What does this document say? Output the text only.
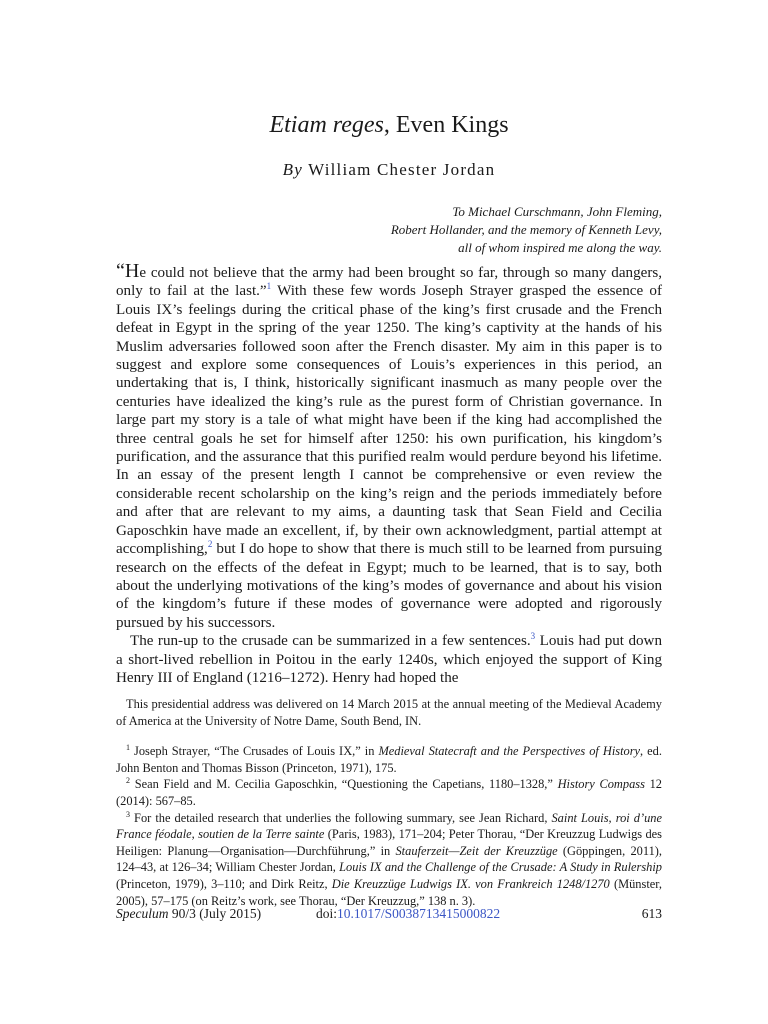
Etiam reges, Even Kings
By William Chester Jordan
To Michael Curschmann, John Fleming,
Robert Hollander, and the memory of Kenneth Levy,
all of whom inspired me along the way.

“He could not believe that the army had been brought so far, through so many dangers, only to fail at the last.”$^1$ With these few words Joseph Strayer grasped the essence of Louis IX’s feelings during the critical phase of the king’s first crusade and the French defeat in Egypt in the spring of the year 1250. The king’s captivity at the hands of his Muslim adversaries followed soon after the French disaster. My aim in this paper is to suggest and explore some consequences of Louis’s experiences in this period, an undertaking that is, I think, historically significant inasmuch as many people over the centuries have idealized the king’s rule as the purest form of Christian governance. In large part my story is a tale of what might have been if the king had accomplished the three central goals he set for himself after 1250: his own purification, his kingdom’s purification, and the assurance that this purified realm would perdure beyond his lifetime. In an essay of the present length I cannot be comprehensive or even review the considerable recent scholarship on the king’s reign and the periods immediately before and after that are relevant to my aims, a daunting task that Sean Field and Cecilia Gaposchkin have made an excellent, if, by their own acknowledgment, partial attempt at accomplishing,$^2$ but I do hope to show that there is much still to be learned from pursuing research on the effects of the defeat in Egypt; much to be learned, that is to say, both about the underlying motivations of the king’s modes of governance and about his vision of the kingdom’s future if these modes of governance were adopted and rigorously pursued by his successors.

The run-up to the crusade can be summarized in a few sentences.$^3$ Louis had put down a short-lived rebellion in Poitou in the early 1240s, which enjoyed the support of King Henry III of England (1216–1272). Henry had hoped the

This presidential address was delivered on 14 March 2015 at the annual meeting of the Medieval Academy of America at the University of Notre Dame, South Bend, IN.

$^1$ Joseph Strayer, “The Crusades of Louis IX,” in Medieval Statecraft and the Perspectives of History, ed. John Benton and Thomas Bisson (Princeton, 1971), 175.

$^2$ Sean Field and M. Cecilia Gaposchkin, “Questioning the Capetians, 1180–1328,” History Compass 12 (2014): 567–85.

$^3$ For the detailed research that underlies the following summary, see Jean Richard, Saint Louis, roi d’une France féodale, soutien de la Terre sainte (Paris, 1983), 171–204; Peter Thorau, “Der Kreuzzug Ludwigs des Heiligen: Planung—Organisation—Durchführung,” in Stauferzeit—Zeit der Kreuzzüge (Göppingen, 2011), 124–43, at 126–34; William Chester Jordan, Louis IX and the Challenge of the Crusade: A Study in Rulership (Princeton, 1979), 3–110; and Dirk Reitz, Die Kreuzzüge Ludwigs IX. von Frankreich 1248/1270 (Münster, 2005), 57–175 (on Reitz’s work, see Thorau, “Der Kreuzzug,” 138 n. 3).

Speculum 90/3 (July 2015)	doi:10.1017/S0038713415000822	613
